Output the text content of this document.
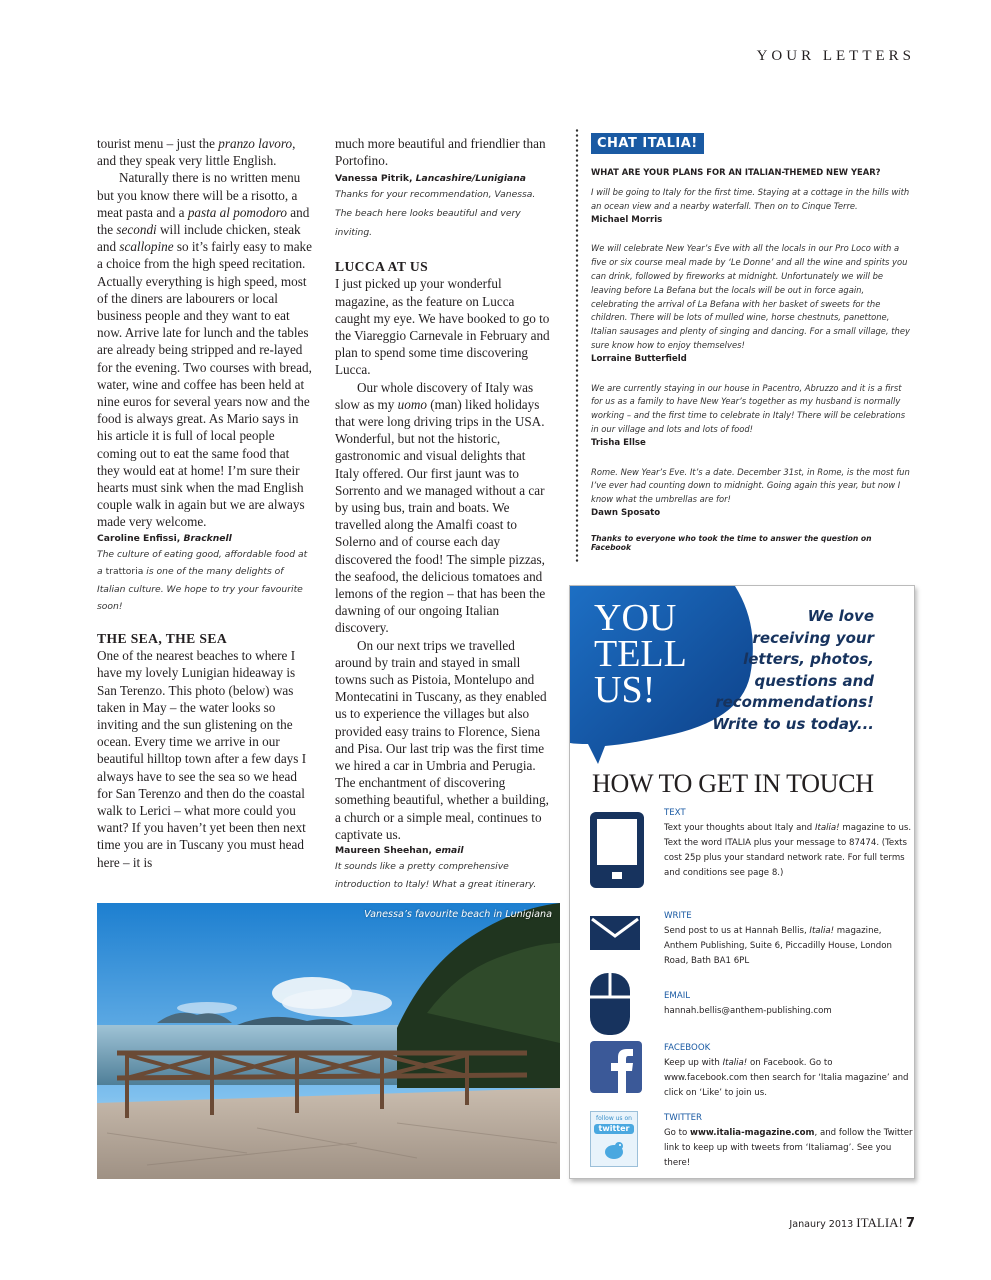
YOUR LETTERS

tourist menu – just the pranzo lavoro, and they speak very little English.

Naturally there is no written menu but you know there will be a risotto, a meat pasta and a pasta al pomodoro and the secondi will include chicken, steak and scallopine so it’s fairly easy to make a choice from the high speed recitation. Actually everything is high speed, most of the diners are labourers or local business people and they want to eat now. Arrive late for lunch and the tables are already being stripped and re-layed for the evening. Two courses with bread, water, wine and coffee has been held at nine euros for several years now and the food is always great. As Mario says in his article it is full of local people coming out to eat the same food that they would eat at home! I’m sure their hearts must sink when the mad English couple walk in again but we are always made very welcome.

Caroline Enfissi, Bracknell

The culture of eating good, affordable food at a trattoria is one of the many delights of Italian culture. We hope to try your favourite soon!

THE SEA, THE SEA

One of the nearest beaches to where I have my lovely Lunigian hideaway is San Terenzo. This photo (below) was taken in May – the water looks so inviting and the sun glistening on the ocean. Every time we arrive in our beautiful hilltop town after a few days I always have to see the sea so we head for San Terenzo and then do the coastal walk to Lerici – what more could you want? If you haven’t yet been then next time you are in Tuscany you must head here – it is

much more beautiful and friendlier than Portofino.

Vanessa Pitrik, Lancashire/Lunigiana

Thanks for your recommendation, Vanessa. The beach here looks beautiful and very inviting.

LUCCA AT US

I just picked up your wonderful magazine, as the feature on Lucca caught my eye. We have booked to go to the Viareggio Carnevale in February and plan to spend some time discovering Lucca.

Our whole discovery of Italy was slow as my uomo (man) liked holidays that were long driving trips in the USA. Wonderful, but not the historic, gastronomic and visual delights that Italy offered. Our first jaunt was to Sorrento and we managed without a car by using bus, train and boats. We travelled along the Amalfi coast to Solerno and of course each day discovered the food! The simple pizzas, the seafood, the delicious tomatoes and lemons of the region – that has been the dawning of our ongoing Italian discovery.

On our next trips we travelled around by train and stayed in small towns such as Pistoia, Montelupo and Montecatini in Tuscany, as they enabled us to experience the villages but also provided easy trains to Florence, Siena and Pisa. Our last trip was the first time we hired a car in Umbria and Perugia. The enchantment of discovering something beautiful, whether a building, a church or a simple meal, continues to captivate us.

Maureen Sheehan, email

It sounds like a pretty comprehensive introduction to Italy! What a great itinerary.

CHAT ITALIA!
WHAT ARE YOUR PLANS FOR AN ITALIAN-THEMED NEW YEAR?
I will be going to Italy for the first time. Staying at a cottage in the hills with an ocean view and a nearby waterfall. Then on to Cinque Terre.
Michael Morris
We will celebrate New Year’s Eve with all the locals in our Pro Loco with a five or six course meal made by ‘Le Donne’ and all the wine and spirits you can drink, followed by fireworks at midnight. Unfortunately we will be leaving before La Befana but the locals will be out in force again, celebrating the arrival of La Befana with her basket of sweets for the children. There will be lots of mulled wine, horse chestnuts, panettone, Italian sausages and plenty of singing and dancing. For a small village, they sure know how to enjoy themselves!
Lorraine Butterfield
We are currently staying in our house in Pacentro, Abruzzo and it is a first for us as a family to have New Year’s together as my husband is normally working – and the first time to celebrate in Italy! There will be celebrations in our village and lots and lots of food!
Trisha Ellse
Rome. New Year’s Eve. It’s a date. December 31st, in Rome, is the most fun I’ve ever had counting down to midnight. Going again this year, but now I know what the umbrellas are for!
Dawn Sposato
Thanks to everyone who took the time to answer the question on Facebook
Vanessa’s favourite beach in Lunigiana
YOU
TELL
US!
We love
receiving your
letters, photos,
questions and
recommendations!
Write to us today...
HOW TO GET IN TOUCH
TEXT
Text your thoughts about Italy and Italia! magazine to us. Text the word ITALIA plus your message to 87474. (Texts cost 25p plus your standard network rate. For full terms and conditions see page 8.)
WRITE
Send post to us at Hannah Bellis, Italia! magazine, Anthem Publishing, Suite 6, Piccadilly House, London Road, Bath BA1 6PL
EMAIL
hannah.bellis@anthem-publishing.com
FACEBOOK
Keep up with Italia! on Facebook. Go to www.facebook.com then search for ‘Italia magazine’ and click on ‘Like’ to join us.
follow us on
twitter
TWITTER
Go to www.italia-magazine.com, and follow the Twitter link to keep up with tweets from ‘Italiamag’. See you there!
Janaury 2013 ITALIA! 7
